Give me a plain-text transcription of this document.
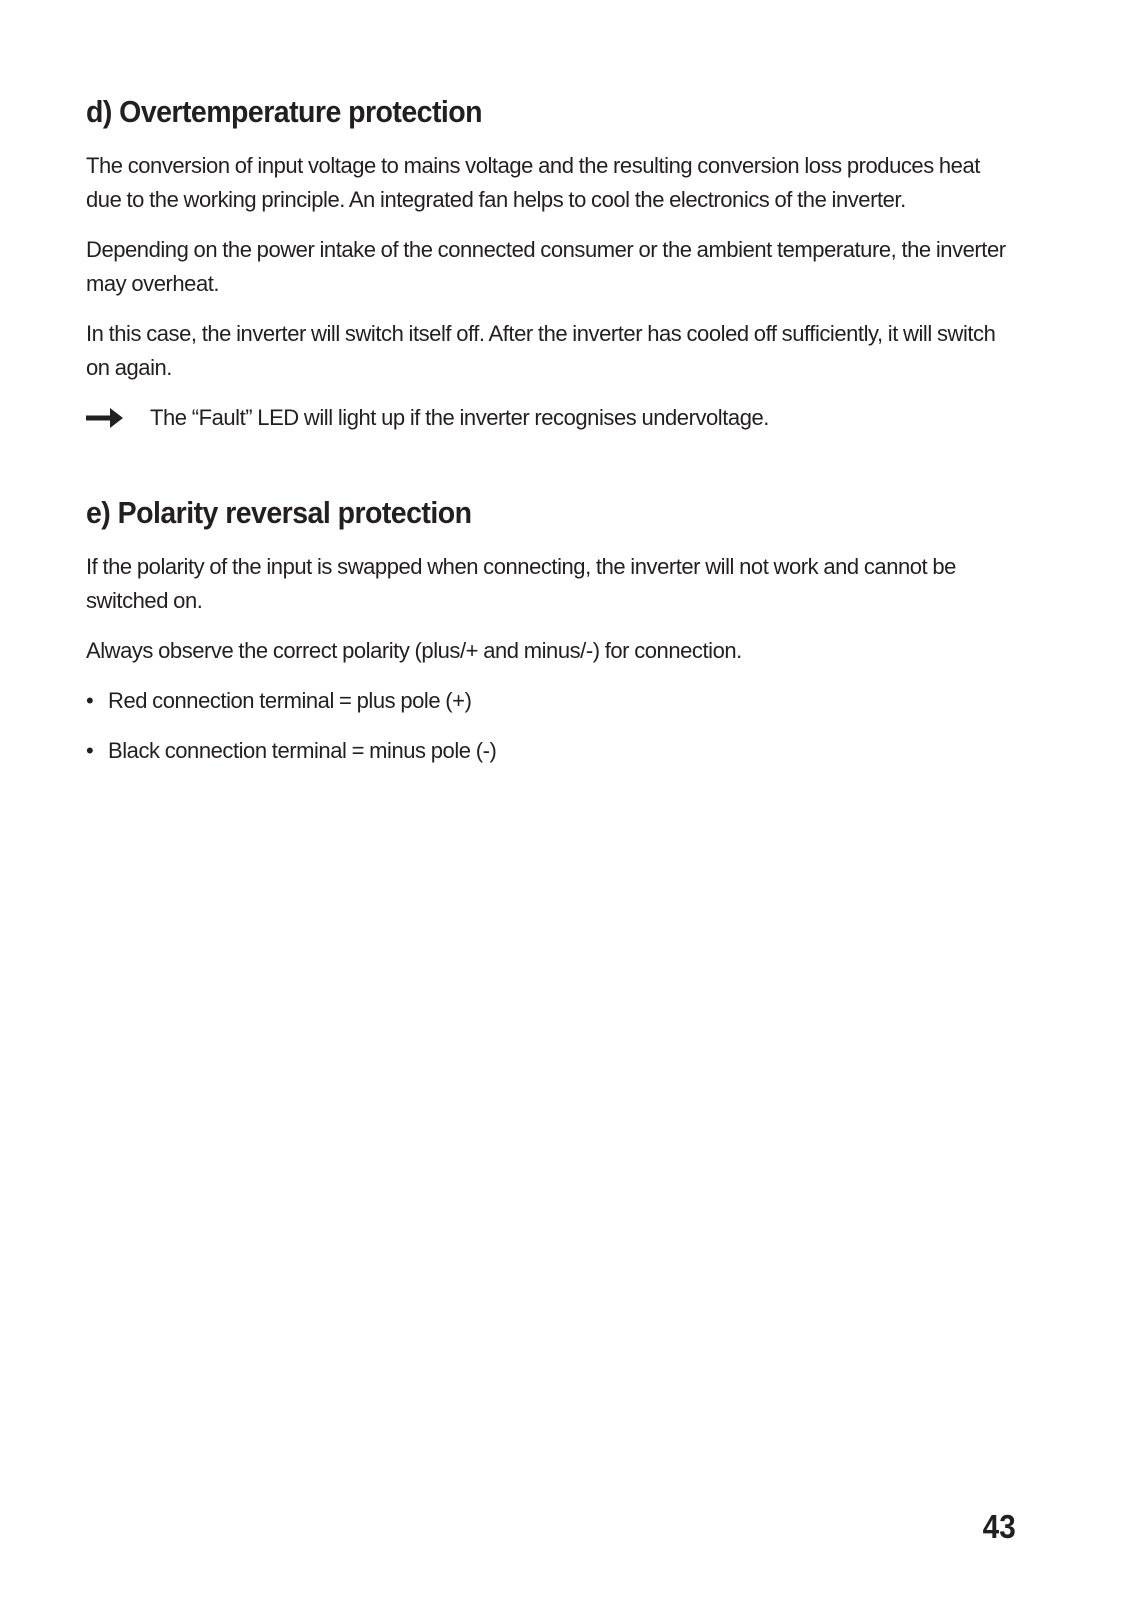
d) Overtemperature protection

The conversion of input voltage to mains voltage and the resulting conversion loss produces heat due to the working principle. An integrated fan helps to cool the electronics of the inverter.

Depending on the power intake of the connected consumer or the ambient temperature, the inverter may overheat.

In this case, the inverter will switch itself off. After the inverter has cooled off sufficiently, it will switch on again.

The “Fault” LED will light up if the inverter recognises undervoltage.
e) Polarity reversal protection

If the polarity of the input is swapped when connecting, the inverter will not work and cannot be switched on.

Always observe the correct polarity (plus/+ and minus/-) for connection.

• Red connection terminal = plus pole (+)
• Black connection terminal = minus pole (-)
43
